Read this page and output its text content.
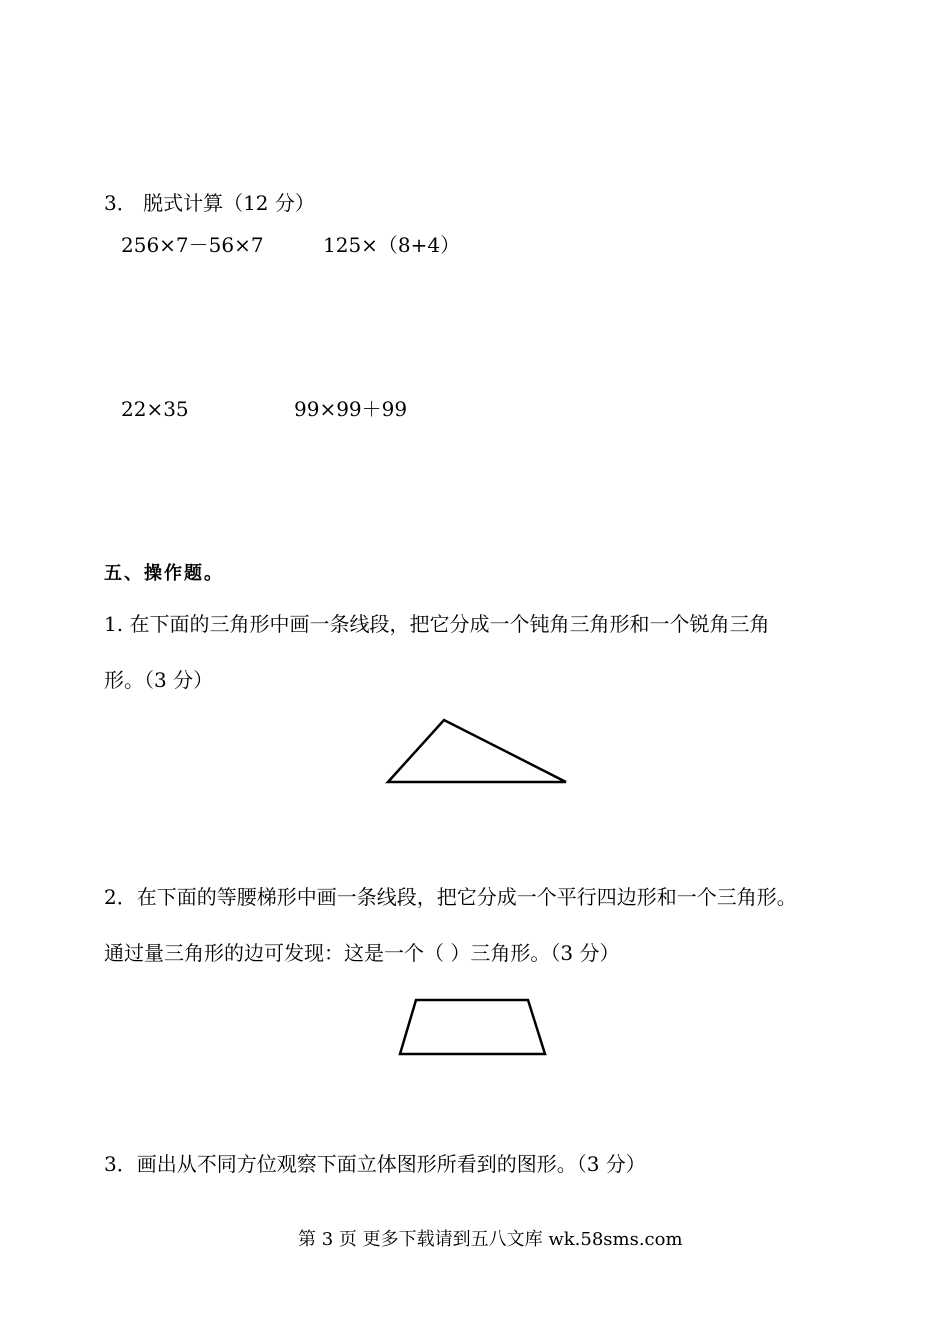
3． 脱式计算（12 分）
256×7－56×7	125×（8+4）
22×35	99×99＋99
五、操作题。
1. 在下面的三角形中画一条线段，把它分成一个钝角三角形和一个锐角三角
形。（3 分）
2．在下面的等腰梯形中画一条线段，把它分成一个平行四边形和一个三角形。
通过量三角形的边可发现：这是一个（ ）三角形。（3 分）
3．画出从不同方位观察下面立体图形所看到的图形。（3 分）
第 3 页 更多下载请到五八文库 wk.58sms.com
